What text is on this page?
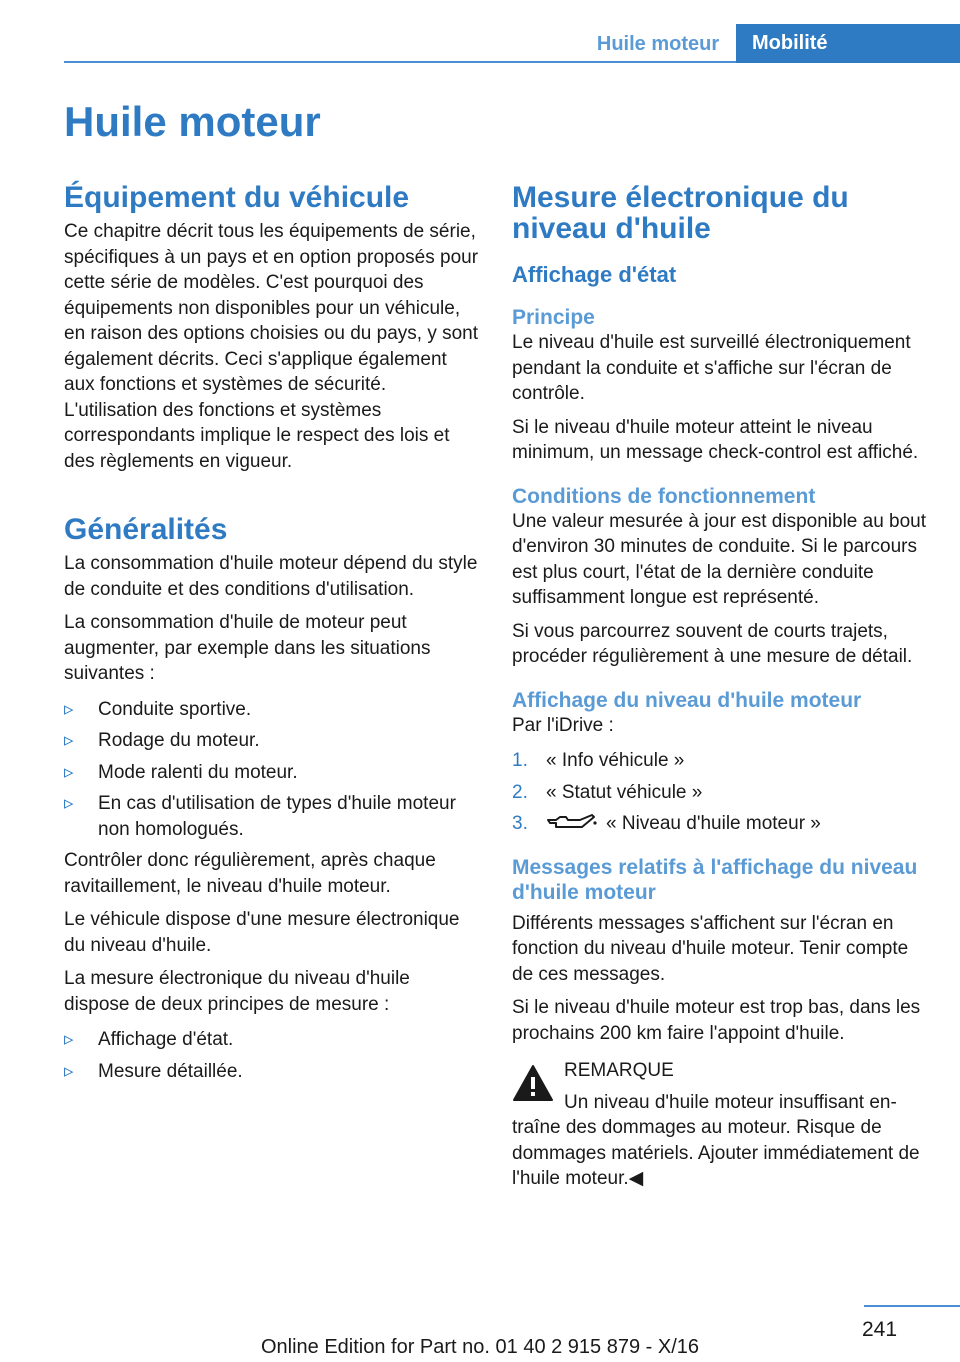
Huile moteur	Mobilité
Huile moteur
Équipement du véhicule

Ce chapitre décrit tous les équipements de série, spécifiques à un pays et en option proposés pour cette série de modèles. C'est pourquoi des équipements non disponibles pour un véhicule, en raison des options choisies ou du pays, y sont également décrits. Ceci s'applique également aux fonctions et systèmes de sécurité. L'utilisation des fonctions et systèmes correspondants implique le respect des lois et des règlements en vigueur.

Généralités

La consommation d'huile moteur dépend du style de conduite et des conditions d'utilisation.

La consommation d'huile de moteur peut augmenter, par exemple dans les situations suivantes :

▹ Conduite sportive.
▹ Rodage du moteur.
▹ Mode ralenti du moteur.
▹ En cas d'utilisation de types d'huile moteur non homologués.

Contrôler donc régulièrement, après chaque ravitaillement, le niveau d'huile moteur.

Le véhicule dispose d'une mesure électronique du niveau d'huile.

La mesure électronique du niveau d'huile dispose de deux principes de mesure :

▹ Affichage d'état.
▹ Mesure détaillée.
Mesure électronique du niveau d'huile
Affichage d'état
Principe

Le niveau d'huile est surveillé électroniquement pendant la conduite et s'affiche sur l'écran de contrôle.

Si le niveau d'huile moteur atteint le niveau minimum, un message check-control est affiché.

Conditions de fonctionnement

Une valeur mesurée à jour est disponible au bout d'environ 30 minutes de conduite. Si le parcours est plus court, l'état de la dernière conduite suffisamment longue est représenté.

Si vous parcourrez souvent de courts trajets, procéder régulièrement à une mesure de détail.

Affichage du niveau d'huile moteur

Par l'iDrive :

1. « Info véhicule »
2. « Statut véhicule »
3.	« Niveau d'huile moteur »
Messages relatifs à l'affichage du niveau d'huile moteur

Différents messages s'affichent sur l'écran en fonction du niveau d'huile moteur. Tenir compte de ces messages.

Si le niveau d'huile moteur est trop bas, dans les prochains 200 km faire l'appoint d'huile.

REMARQUE

Un niveau d'huile moteur insuffisant en-

traîne des dommages au moteur. Risque de dommages matériels. Ajouter immédiatement de l'huile moteur.◀

241
Online Edition for Part no. 01 40 2 915 879 - X/16
